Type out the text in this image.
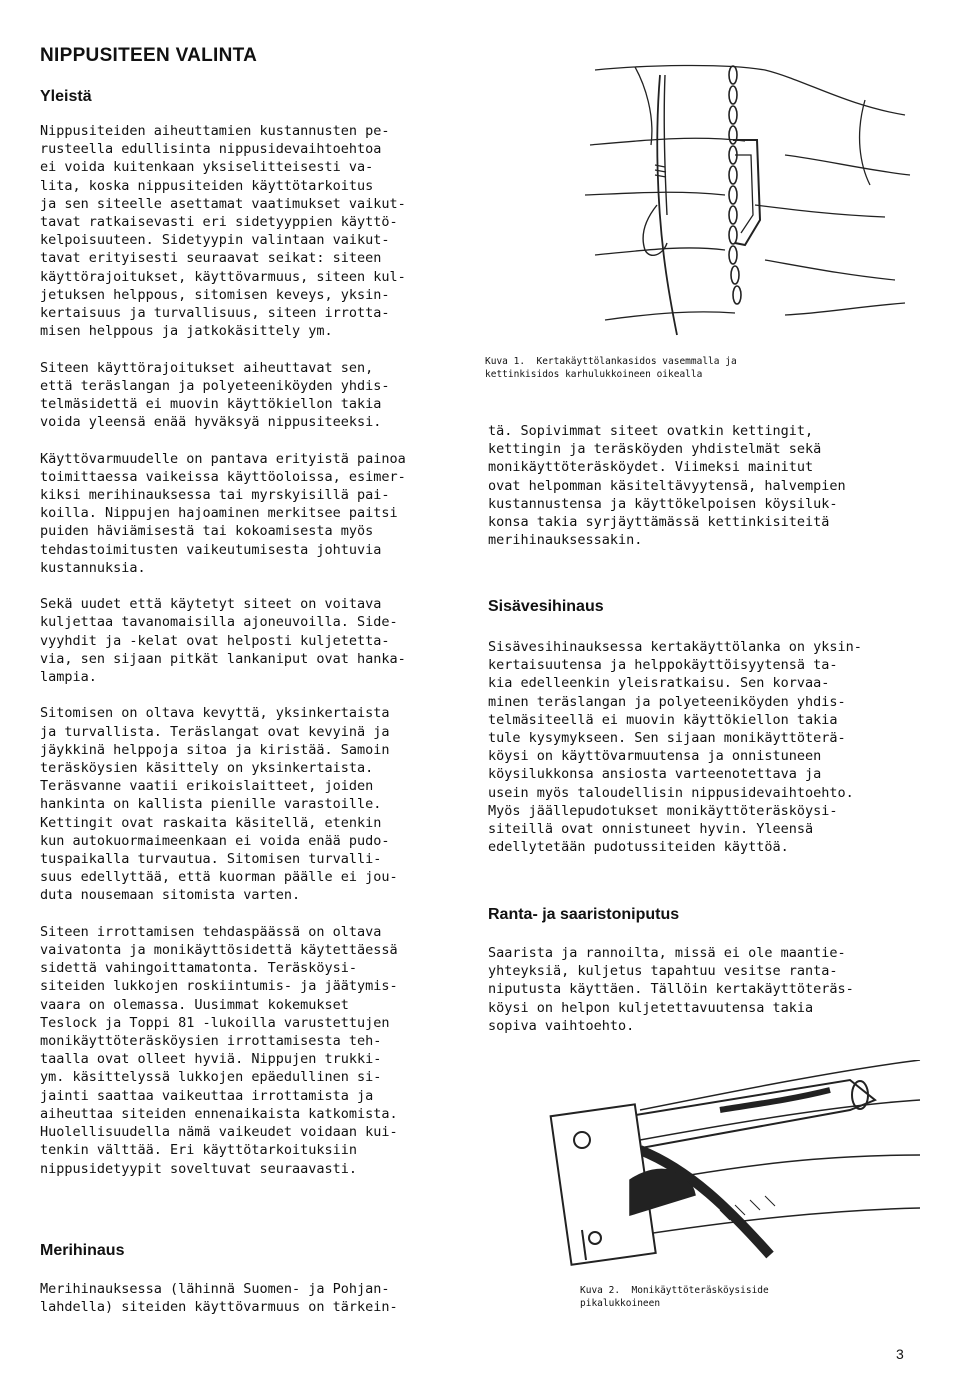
NIPPUSITEEN VALINTA
Yleistä

Nippusiteiden aiheuttamien kustannusten pe-
rusteella edullisinta nippusidevaihtoehtoa
ei voida kuitenkaan yksiselitteisesti va-
lita, koska nippusiteiden käyttötarkoitus
ja sen siteelle asettamat vaatimukset vaikut-
tavat ratkaisevasti eri sidetyyppien käyttö-
kelpoisuuteen. Sidetyypin valintaan vaikut-
tavat erityisesti seuraavat seikat: siteen
käyttörajoitukset, käyttövarmuus, siteen kul-
jetuksen helppous, sitomisen keveys, yksin-
kertaisuus ja turvallisuus, siteen irrotta-
misen helppous ja jatkokäsittely ym.

Siteen käyttörajoitukset aiheuttavat sen,
että teräslangan ja polyeteeniköyden yhdis-
telmäsidettä ei muovin käyttökiellon takia
voida yleensä enää hyväksyä nippusiteeksi.

Käyttövarmuudelle on pantava erityistä painoa
toimittaessa vaikeissa käyttöoloissa, esimer-
kiksi merihinauksessa tai myrskyisillä pai-
koilla. Nippujen hajoaminen merkitsee paitsi
puiden häviämisestä tai kokoamisesta myös
tehdastoimitusten vaikeutumisesta johtuvia
kustannuksia.

Sekä uudet että käytetyt siteet on voitava
kuljettaa tavanomaisilla ajoneuvoilla. Side-
vyyhdit ja -kelat ovat helposti kuljetetta-
via, sen sijaan pitkät lankaniput ovat hanka-
lampia.

Sitomisen on oltava kevyttä, yksinkertaista
ja turvallista. Teräslangat ovat kevyinä ja
jäykkinä helppoja sitoa ja kiristää. Samoin
teräsköysien käsittely on yksinkertaista.
Teräsvanne vaatii erikoislaitteet, joiden
hankinta on kallista pienille varastoille.
Kettingit ovat raskaita käsitellä, etenkin
kun autokuormaimeenkaan ei voida enää pudo-
tuspaikalla turvautua. Sitomisen turvalli-
suus edellyttää, että kuorman päälle ei jou-
duta nousemaan sitomista varten.

Siteen irrottamisen tehdaspäässä on oltava
vaivatonta ja monikäyttösidettä käytettäessä
sidettä vahingoittamatonta. Teräsköysi-
siteiden lukkojen roskiintumis- ja jäätymis-
vaara on olemassa. Uusimmat kokemukset
Teslock ja Toppi 81 -lukoilla varustettujen
monikäyttöteräsköysien irrottamisesta teh-
taalla ovat olleet hyviä. Nippujen trukki-
ym. käsittelyssä lukkojen epäedullinen si-
jainti saattaa vaikeuttaa irrottamista ja
aiheuttaa siteiden ennenaikaista katkomista.
Huolellisuudella nämä vaikeudet voidaan kui-
tenkin välttää. Eri käyttötarkoituksiin
nippusidetyypit soveltuvat seuraavasti.

Merihinaus

Merihinauksessa (lähinnä Suomen- ja Pohjan-
lahdella) siteiden käyttövarmuus on tärkein-

Kuva 1.  Kertakäyttölankasidos vasemmalla ja
kettinkisidos karhulukkoineen oikealla

tä. Sopivimmat siteet ovatkin kettingit,
kettingin ja teräsköyden yhdistelmät sekä
monikäyttöteräsköydet. Viimeksi mainitut
ovat helpomman käsiteltävyytensä, halvempien
kustannustensa ja käyttökelpoisen köysiluk-
konsa takia syrjäyttämässä kettinkisiteitä
merihinauksessakin.

Sisävesihinaus

Sisävesihinauksessa kertakäyttölanka on yksin-
kertaisuutensa ja helppokäyttöisyytensä ta-
kia edelleenkin yleisratkaisu. Sen korvaa-
minen teräslangan ja polyeteeniköyden yhdis-
telmäsiteellä ei muovin käyttökiellon takia
tule kysymykseen. Sen sijaan monikäyttöterä-
köysi on käyttövarmuutensa ja onnistuneen
köysilukkonsa ansiosta varteenotettava ja
usein myös taloudellisin nippusidevaihtoehto.
Myös jäällepudotukset monikäyttöteräsköysi-
siteillä ovat onnistuneet hyvin. Yleensä
edellytetään pudotussiteiden käyttöä.

Ranta- ja saaristoniputus

Saarista ja rannoilta, missä ei ole maantie-
yhteyksiä, kuljetus tapahtuu vesitse ranta-
niputusta käyttäen. Tällöin kertakäyttöteräs-
köysi on helpon kuljetettavuutensa takia
sopiva vaihtoehto.

Kuva 2.  Monikäyttöteräsköysiside
pikalukkoineen
3
